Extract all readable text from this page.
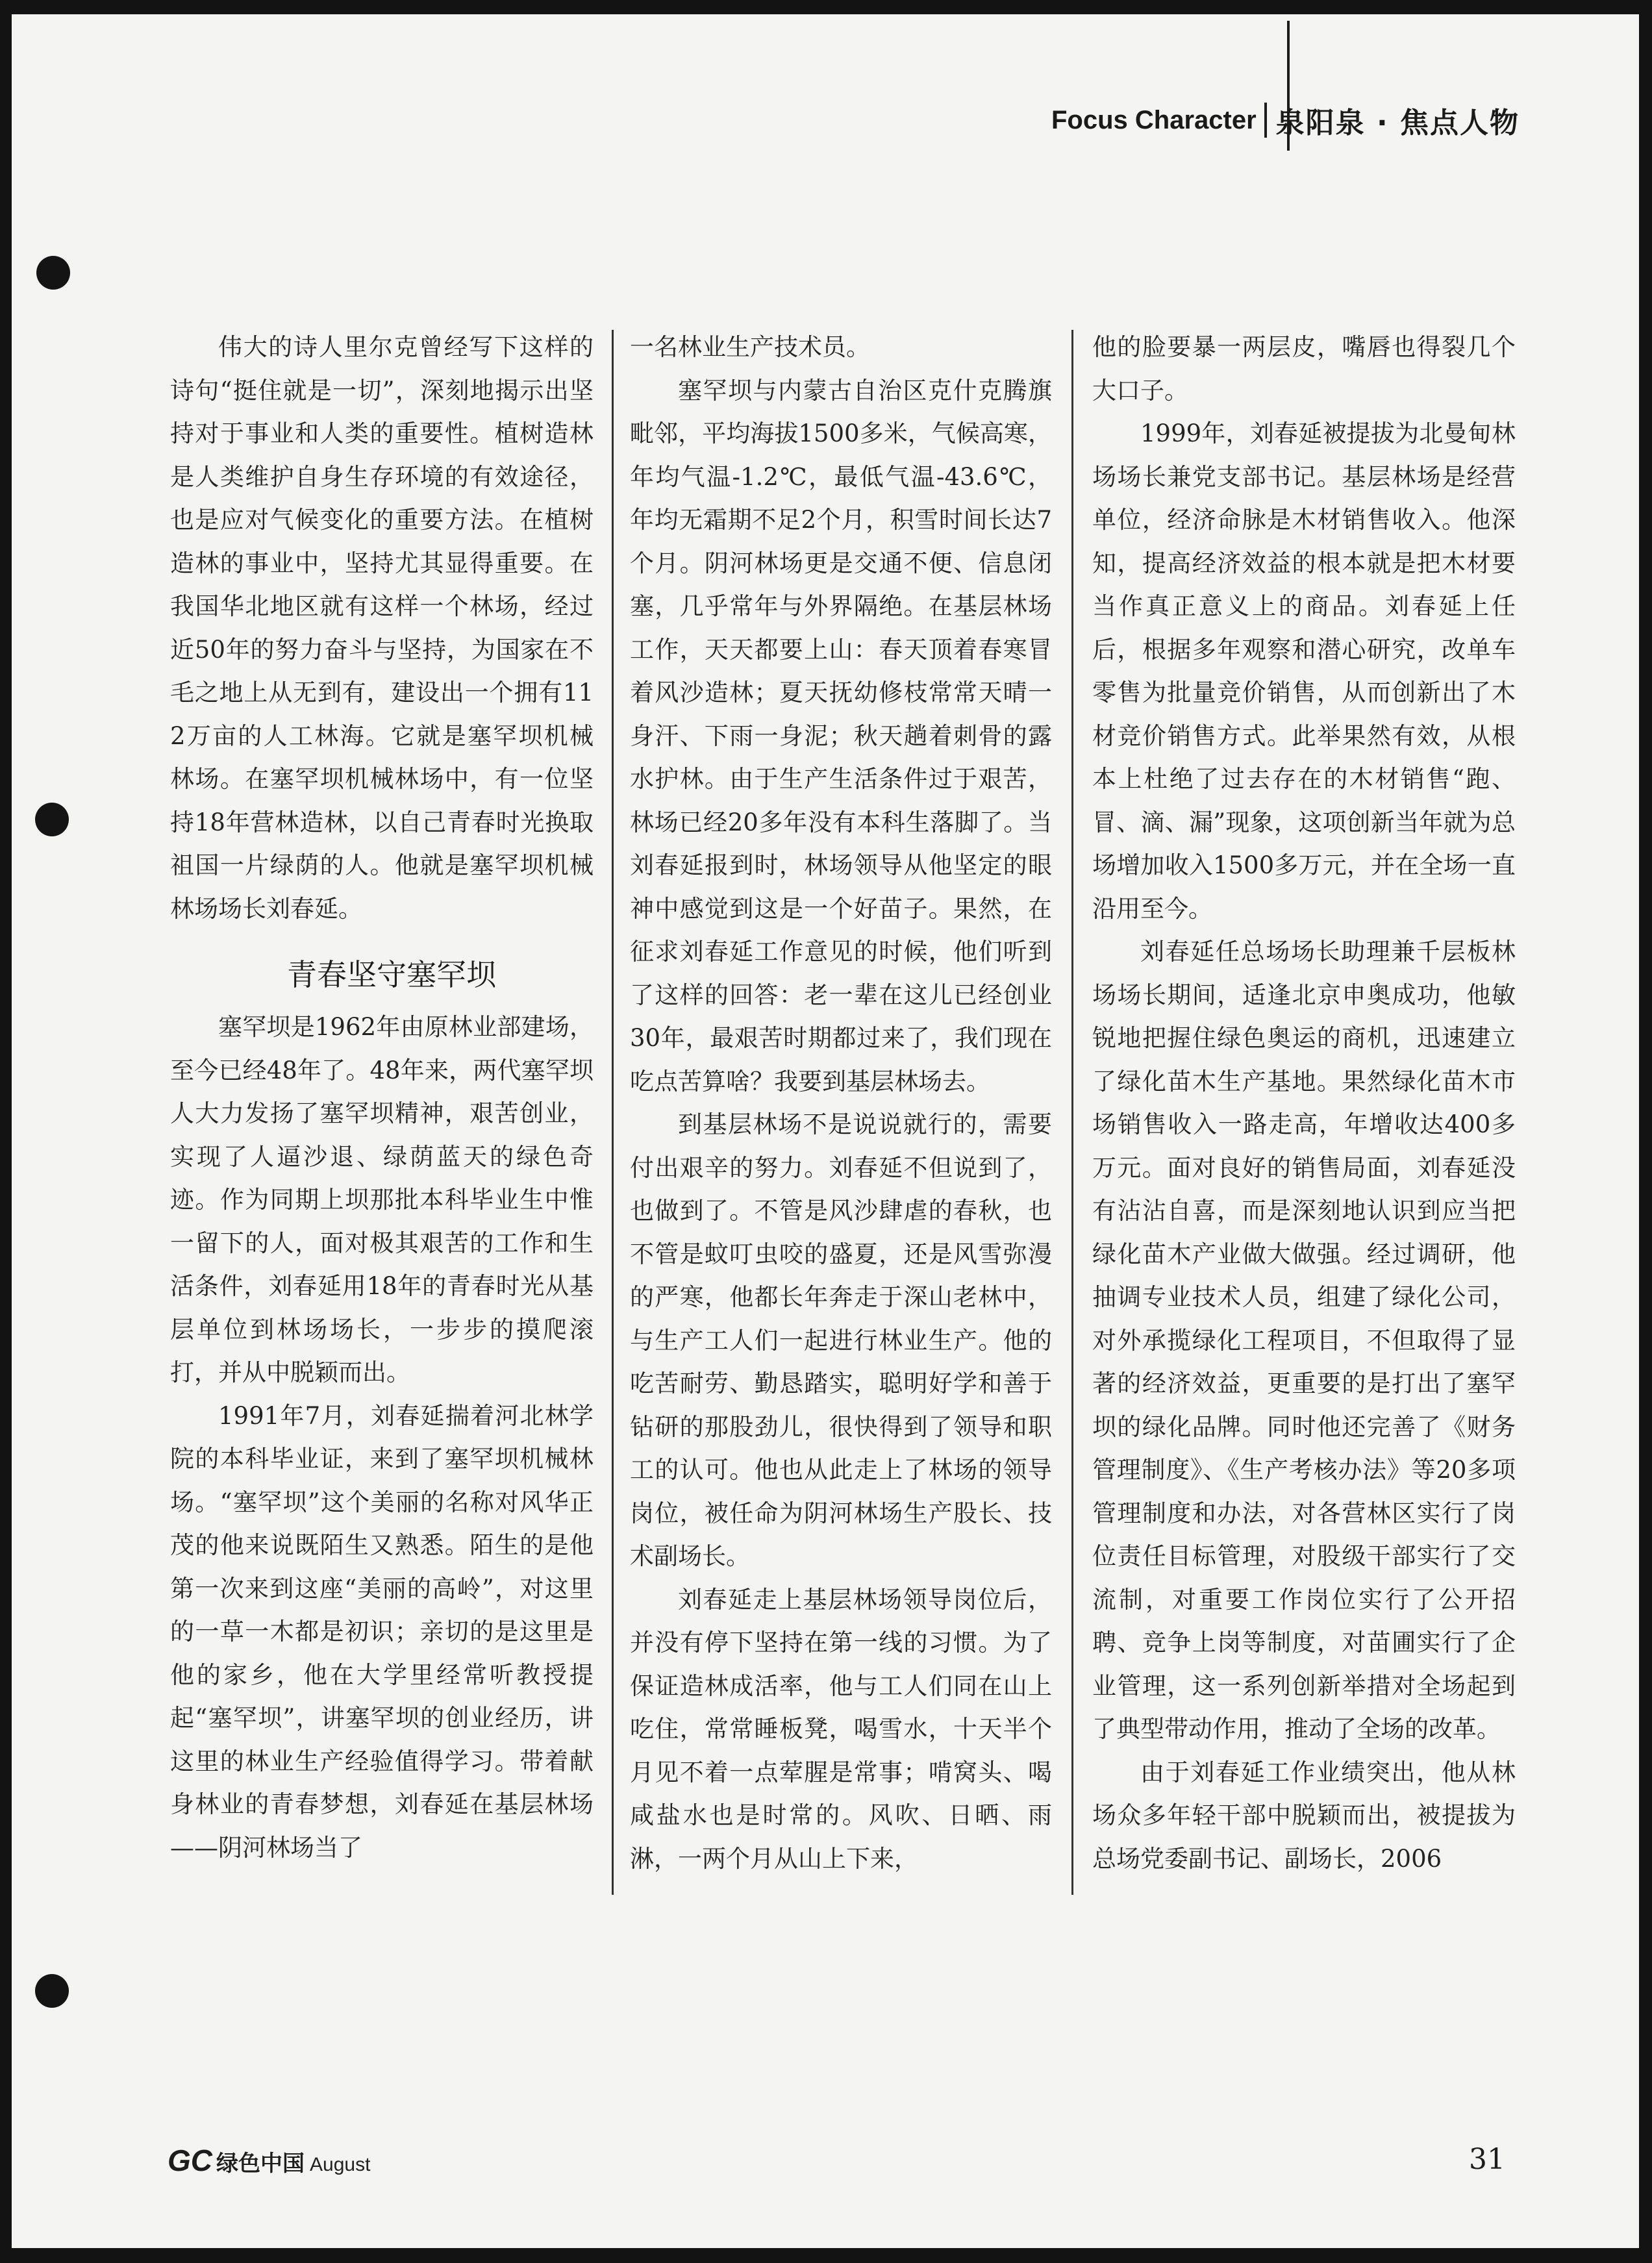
Focus Character 泉阳泉 · 焦点人物

伟大的诗人里尔克曾经写下这样的诗句“挺住就是一切”，深刻地揭示出坚持对于事业和人类的重要性。植树造林是人类维护自身生存环境的有效途径，也是应对气候变化的重要方法。在植树造林的事业中，坚持尤其显得重要。在我国华北地区就有这样一个林场，经过近50年的努力奋斗与坚持，为国家在不毛之地上从无到有，建设出一个拥有112万亩的人工林海。它就是塞罕坝机械林场。在塞罕坝机械林场中，有一位坚持18年营林造林，以自己青春时光换取祖国一片绿荫的人。他就是塞罕坝机械林场场长刘春延。

青春坚守塞罕坝

塞罕坝是1962年由原林业部建场，至今已经48年了。48年来，两代塞罕坝人大力发扬了塞罕坝精神，艰苦创业，实现了人逼沙退、绿荫蓝天的绿色奇迹。作为同期上坝那批本科毕业生中惟一留下的人，面对极其艰苦的工作和生活条件，刘春延用18年的青春时光从基层单位到林场场长，一步步的摸爬滚打，并从中脱颖而出。

1991年7月，刘春延揣着河北林学院的本科毕业证，来到了塞罕坝机械林场。“塞罕坝”这个美丽的名称对风华正茂的他来说既陌生又熟悉。陌生的是他第一次来到这座“美丽的高岭”，对这里的一草一木都是初识；亲切的是这里是他的家乡，他在大学里经常听教授提起“塞罕坝”，讲塞罕坝的创业经历，讲这里的林业生产经验值得学习。带着献身林业的青春梦想，刘春延在基层林场——阴河林场当了

一名林业生产技术员。

塞罕坝与内蒙古自治区克什克腾旗毗邻，平均海拔1500多米，气候高寒，年均气温-1.2℃，最低气温-43.6℃，年均无霜期不足2个月，积雪时间长达7个月。阴河林场更是交通不便、信息闭塞，几乎常年与外界隔绝。在基层林场工作，天天都要上山：春天顶着春寒冒着风沙造林；夏天抚幼修枝常常天晴一身汗、下雨一身泥；秋天趟着刺骨的露水护林。由于生产生活条件过于艰苦，林场已经20多年没有本科生落脚了。当刘春延报到时，林场领导从他坚定的眼神中感觉到这是一个好苗子。果然，在征求刘春延工作意见的时候，他们听到了这样的回答：老一辈在这儿已经创业30年，最艰苦时期都过来了，我们现在吃点苦算啥？我要到基层林场去。

到基层林场不是说说就行的，需要付出艰辛的努力。刘春延不但说到了，也做到了。不管是风沙肆虐的春秋，也不管是蚊叮虫咬的盛夏，还是风雪弥漫的严寒，他都长年奔走于深山老林中，与生产工人们一起进行林业生产。他的吃苦耐劳、勤恳踏实，聪明好学和善于钻研的那股劲儿，很快得到了领导和职工的认可。他也从此走上了林场的领导岗位，被任命为阴河林场生产股长、技术副场长。

刘春延走上基层林场领导岗位后，并没有停下坚持在第一线的习惯。为了保证造林成活率，他与工人们同在山上吃住，常常睡板凳，喝雪水，十天半个月见不着一点荤腥是常事；啃窝头、喝咸盐水也是时常的。风吹、日晒、雨淋，一两个月从山上下来，

他的脸要暴一两层皮，嘴唇也得裂几个大口子。

1999年，刘春延被提拔为北曼甸林场场长兼党支部书记。基层林场是经营单位，经济命脉是木材销售收入。他深知，提高经济效益的根本就是把木材要当作真正意义上的商品。刘春延上任后，根据多年观察和潜心研究，改单车零售为批量竞价销售，从而创新出了木材竞价销售方式。此举果然有效，从根本上杜绝了过去存在的木材销售“跑、冒、滴、漏”现象，这项创新当年就为总场增加收入1500多万元，并在全场一直沿用至今。

刘春延任总场场长助理兼千层板林场场长期间，适逢北京申奥成功，他敏锐地把握住绿色奥运的商机，迅速建立了绿化苗木生产基地。果然绿化苗木市场销售收入一路走高，年增收达400多万元。面对良好的销售局面，刘春延没有沾沾自喜，而是深刻地认识到应当把绿化苗木产业做大做强。经过调研，他抽调专业技术人员，组建了绿化公司，对外承揽绿化工程项目，不但取得了显著的经济效益，更重要的是打出了塞罕坝的绿化品牌。同时他还完善了《财务管理制度》、《生产考核办法》等20多项管理制度和办法，对各营林区实行了岗位责任目标管理，对股级干部实行了交流制，对重要工作岗位实行了公开招聘、竞争上岗等制度，对苗圃实行了企业管理，这一系列创新举措对全场起到了典型带动作用，推动了全场的改革。

由于刘春延工作业绩突出，他从林场众多年轻干部中脱颖而出，被提拔为总场党委副书记、副场长，2006

GC 绿色中国 August	31
